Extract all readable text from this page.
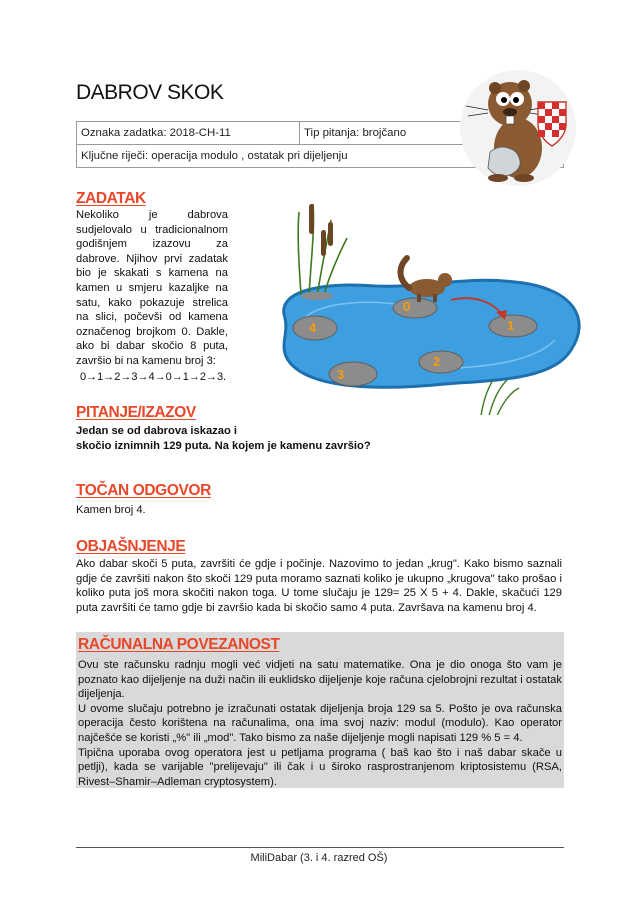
DABROV SKOK
Oznaka zadatka: 2018-CH-11	Tip pitanja: brojčano
Ključne riječi: operacija modulo , ostatak pri dijeljenju
ZADATAK
Nekoliko je dabrova sudjelovalo u tradicionalnom godišnjem izazovu za dabrove. Njihov prvi zadatak bio je skakati s kamena na kamen u smjeru kazaljke na satu, kako pokazuje strelica na slici, počevši od kamena označenog brojkom 0. Dakle, ako bi dabar skočio 8 puta, završio bi na kamenu broj 3:
0→1→2→3→4→0→1→2→3.
0
1
2
3
4
PITANJE/IZAZOV
Jedan se od dabrova iskazao i
skočio iznimnih 129 puta. Na kojem je kamenu završio?
TOČAN ODGOVOR
Kamen broj 4.
OBJAŠNJENJE
Ako dabar skoči 5 puta, završiti će gdje i počinje. Nazovimo to jedan „krug". Kako bismo saznali gdje će završiti nakon što skoči 129 puta moramo saznati koliko je ukupno „krugova" tako prošao i koliko puta još mora skočiti nakon toga. U tome slučaju je 129= 25 X 5 + 4. Dakle, skačući 129 puta završiti će tamo gdje bi završio kada bi skočio samo 4 puta. Završava na kamenu broj 4.
RAČUNALNA POVEZANOST
Ovu ste računsku radnju mogli već vidjeti na satu matematike. Ona je dio onoga što vam je poznato kao dijeljenje na duži način ili euklidsko dijeljenje koje računa cjelobrojni rezultat i ostatak dijeljenja.
U ovome slučaju potrebno je izračunati ostatak dijeljenja broja 129 sa 5. Pošto je ova računska operacija često korištena na računalima, ona ima svoj naziv: modul (modulo). Kao operator najčešće se koristi „%" ili „mod". Tako bismo za naše dijeljenje mogli napisati 129 % 5 = 4.
Tipična uporaba ovog operatora jest u petljama programa ( baš kao što i naš dabar skače u petlji), kada se varijable "prelijevaju" ili čak i u široko rasprostranjenom kriptosistemu (RSA, Rivest–Shamir–Adleman cryptosystem).
MiliDabar (3. i 4. razred OŠ)
